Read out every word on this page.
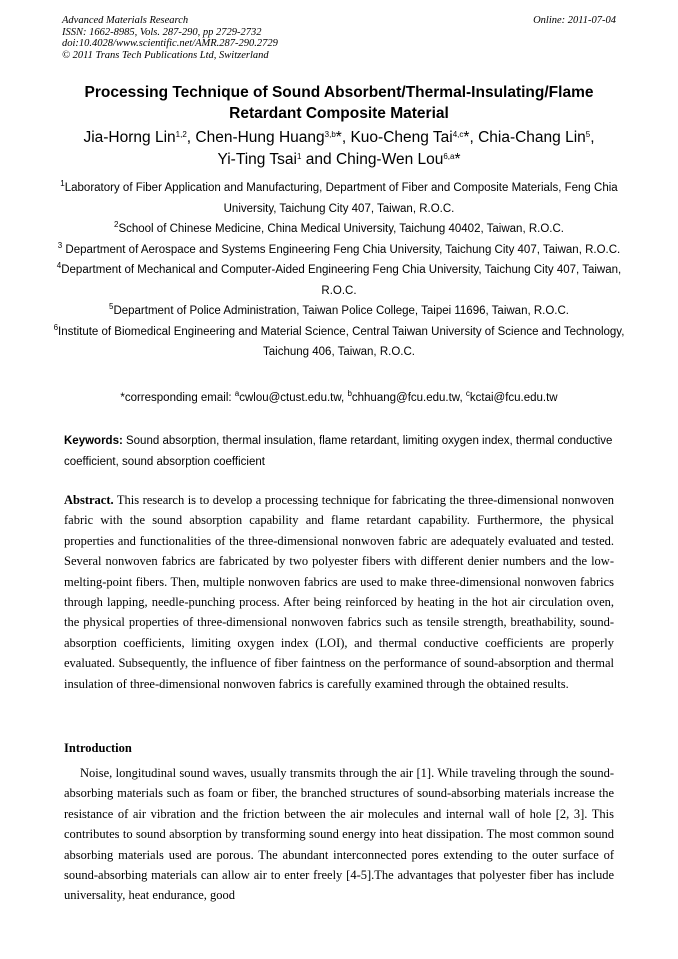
Advanced Materials Research
ISSN: 1662-8985, Vols. 287-290, pp 2729-2732
doi:10.4028/www.scientific.net/AMR.287-290.2729
© 2011 Trans Tech Publications Ltd, Switzerland
Online: 2011-07-04
Processing Technique of Sound Absorbent/Thermal-Insulating/Flame Retardant Composite Material
Jia-Horng Lin$^{1,2}$, Chen-Hung Huang$^{3,b}$*, Kuo-Cheng Tai$^{4,c}$*, Chia-Chang Lin$^5$,
Yi-Ting Tsai$^1$ and Ching-Wen Lou$^{6,a}$*
$^1$Laboratory of Fiber Application and Manufacturing, Department of Fiber and Composite Materials, Feng Chia University, Taichung City 407, Taiwan, R.O.C.
$^2$School of Chinese Medicine, China Medical University, Taichung 40402, Taiwan, R.O.C.
$^3$ Department of Aerospace and Systems Engineering Feng Chia University, Taichung City 407, Taiwan, R.O.C.
$^4$Department of Mechanical and Computer-Aided Engineering Feng Chia University, Taichung City 407, Taiwan, R.O.C.
$^5$Department of Police Administration, Taiwan Police College, Taipei 11696, Taiwan, R.O.C.
$^6$Institute of Biomedical Engineering and Material Science, Central Taiwan University of Science and Technology, Taichung 406, Taiwan, R.O.C.
*corresponding email: $^a$cwlou@ctust.edu.tw, $^b$chhuang@fcu.edu.tw, $^c$kctai@fcu.edu.tw
Keywords: Sound absorption, thermal insulation, flame retardant, limiting oxygen index, thermal conductive coefficient, sound absorption coefficient
Abstract. This research is to develop a processing technique for fabricating the three-dimensional nonwoven fabric with the sound absorption capability and flame retardant capability. Furthermore, the physical properties and functionalities of the three-dimensional nonwoven fabric are adequately evaluated and tested. Several nonwoven fabrics are fabricated by two polyester fibers with different denier numbers and the low-melting-point fibers. Then, multiple nonwoven fabrics are used to make three-dimensional nonwoven fabrics through lapping, needle-punching process. After being reinforced by heating in the hot air circulation oven, the physical properties of three-dimensional nonwoven fabrics such as tensile strength, breathability, sound-absorption coefficients, limiting oxygen index (LOI), and thermal conductive coefficients are properly evaluated. Subsequently, the influence of fiber faintness on the performance of sound-absorption and thermal insulation of three-dimensional nonwoven fabrics is carefully examined through the obtained results.
Introduction
Noise, longitudinal sound waves, usually transmits through the air [1]. While traveling through the sound-absorbing materials such as foam or fiber, the branched structures of sound-absorbing materials increase the resistance of air vibration and the friction between the air molecules and internal wall of hole [2, 3]. This contributes to sound absorption by transforming sound energy into heat dissipation. The most common sound absorbing materials used are porous. The abundant interconnected pores extending to the outer surface of sound-absorbing materials can allow air to enter freely [4-5].The advantages that polyester fiber has include universality, heat endurance, good
